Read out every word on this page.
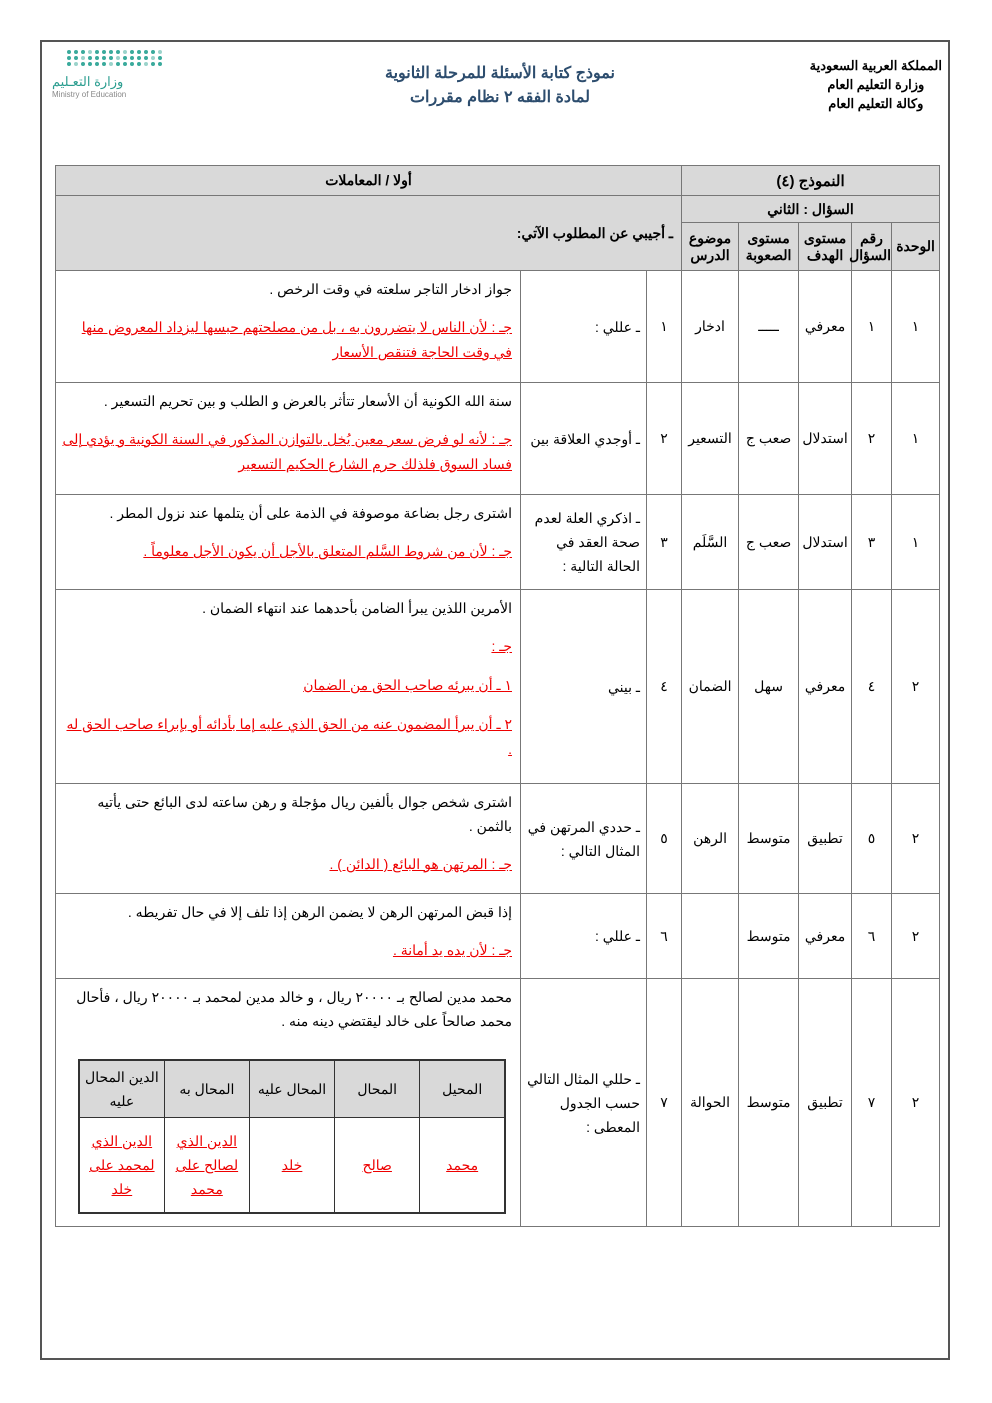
المملكة العربية السعودية
وزارة التعليم العام
وكالة التعليم العام
نموذج كتابة الأسئلة للمرحلة الثانوية
لمادة الفقه ٢ نظام مقررات
وزارة التعـليم
Ministry of Education
النموذج (٤)	أولا / المعاملات
السؤال : الثاني	ـ أجيبي عن المطلوب الآتي:
الوحدة	رقم السؤال	مستوى الهدف	مستوى الصعوبة	موضوع الدرس
١	١	معرفي	ـــــ	ادخار	١	ـ عللي :	
جواز ادخار التاجر سلعته في وقت الرخص .
جـ : لأن الناس لا يتضررون به ، بل من مصلحتهم حبسها ليزداد المعروض منها في وقت الحاجة فتنقص الأسعار

١	٢	استدلال	صعب ج	التسعير	٢	ـ أوجدي العلاقة بين	
سنة الله الكونية أن الأسعار تتأثر بالعرض و الطلب و بين تحريم التسعير .
جـ : لأنه لو فرض سعر معين يُخل بالتوازن المذكور في السنة الكونية و يؤدي إلى فساد السوق فلذلك حرم الشارع الحكيم التسعير

١	٣	استدلال	صعب ج	السَّلَم	٣	ـ اذكري العلة لعدم صحة العقد في الحالة التالية :	
اشترى رجل بضاعة موصوفة في الذمة على أن يتلمها عند نزول المطر .
جـ : لأن من شروط السَّلم المتعلق بالأجل أن يكون الأجل معلوماً .

٢	٤	معرفي	سهل	الضمان	٤	ـ بيني	
الأمرين اللذين يبرأ الضامن بأحدهما عند انتهاء الضمان .
جـ :
١ ـ أن يبرئه صاحب الحق من الضمان
٢ ـ أن يبرأ المضمون عنه من الحق الذي عليه إما بأدائه أو بإبراء صاحب الحق له .

٢	٥	تطبيق	متوسط	الرهن	٥	ـ حددي المرتهن في المثال التالي :	
اشترى شخص جوال بألفين ريال مؤجلة و رهن ساعته لدى البائع حتى يأتيه بالثمن .
جـ : المرتهن هو البائع ( الدائن ) .

٢	٦	معرفي	متوسط		٦	ـ عللي :	
إذا قبض المرتهن الرهن لا يضمن الرهن إذا تلف إلا في حال تفريطه .
جـ : لأن يده يد أمانة .

٢	٧	تطبيق	متوسط	الحوالة	٧	ـ حللي المثال التالي حسب الجدول المعطى :	
محمد مدين لصالح بـ ٢٠٠٠٠ ريال ، و خالد مدين لمحمد بـ ٢٠٠٠٠ ريال ، فأحال محمد صالحاً على خالد ليقتضي دينه منه .
المحيل	المحال	المحال عليه	المحال به	الدين المحال عليه
محمد	صالح	خلد	الدين الذي لصالح على محمد	الدين الذي لمحمد على خلد
